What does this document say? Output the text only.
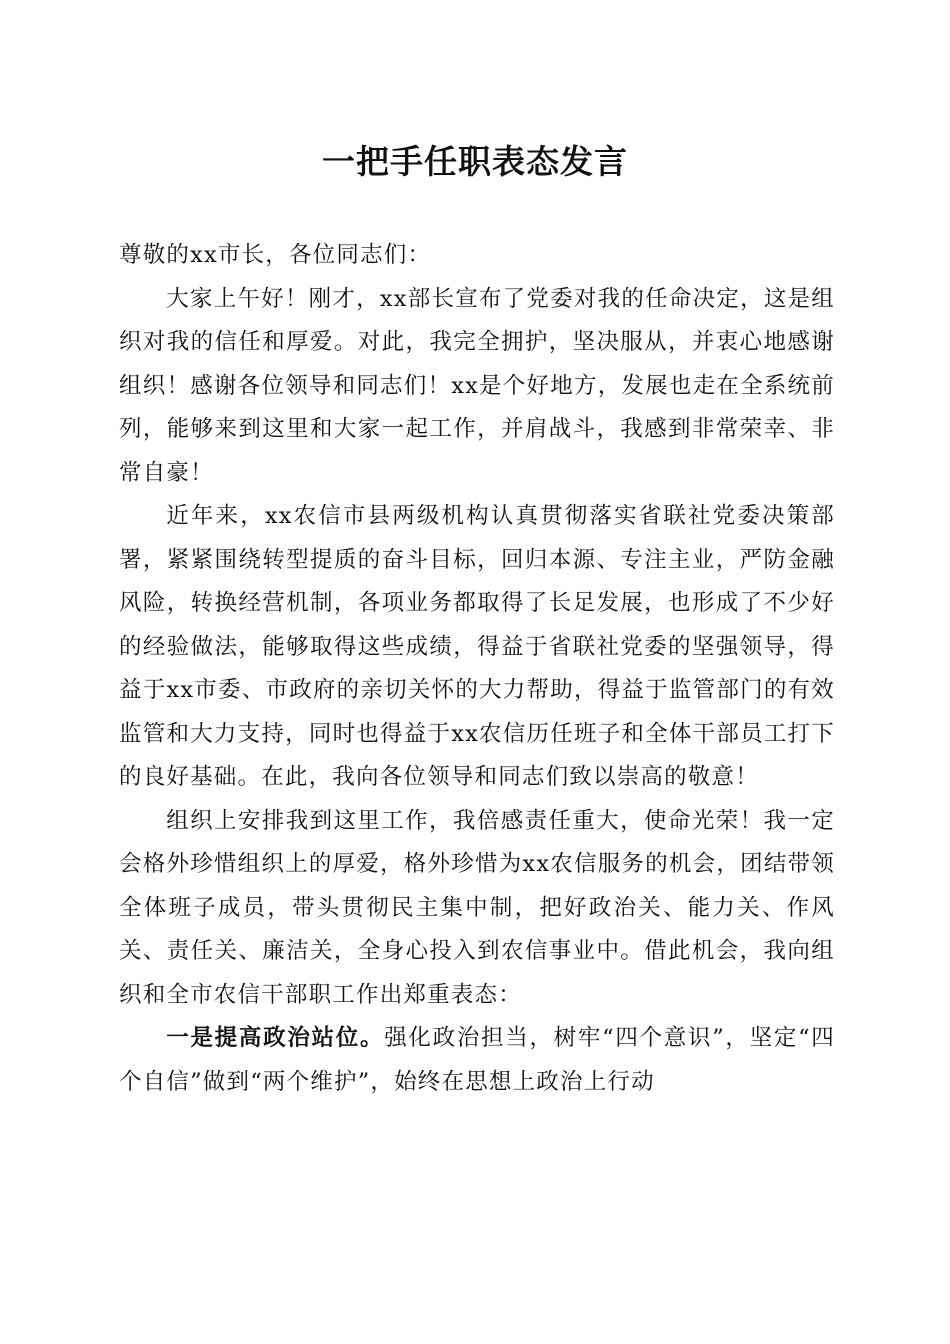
一把手任职表态发言

尊敬的xx市长，各位同志们：

大家上午好！刚才，xx部长宣布了党委对我的任命决定，这是组织对我的信任和厚爱。对此，我完全拥护，坚决服从，并衷心地感谢组织！感谢各位领导和同志们！xx是个好地方，发展也走在全系统前列，能够来到这里和大家一起工作，并肩战斗，我感到非常荣幸、非常自豪！

近年来，xx农信市县两级机构认真贯彻落实省联社党委决策部署，紧紧围绕转型提质的奋斗目标，回归本源、专注主业，严防金融风险，转换经营机制，各项业务都取得了长足发展，也形成了不少好的经验做法，能够取得这些成绩，得益于省联社党委的坚强领导，得益于xx市委、市政府的亲切关怀的大力帮助，得益于监管部门的有效监管和大力支持，同时也得益于xx农信历任班子和全体干部员工打下的良好基础。在此，我向各位领导和同志们致以崇高的敬意！

组织上安排我到这里工作，我倍感责任重大，使命光荣！我一定会格外珍惜组织上的厚爱，格外珍惜为xx农信服务的机会，团结带领全体班子成员，带头贯彻民主集中制，把好政治关、能力关、作风关、责任关、廉洁关，全身心投入到农信事业中。借此机会，我向组织和全市农信干部职工作出郑重表态：

一是提高政治站位。强化政治担当，树牢“四个意识”，坚定“四个自信”做到“两个维护”，始终在思想上政治上行动
